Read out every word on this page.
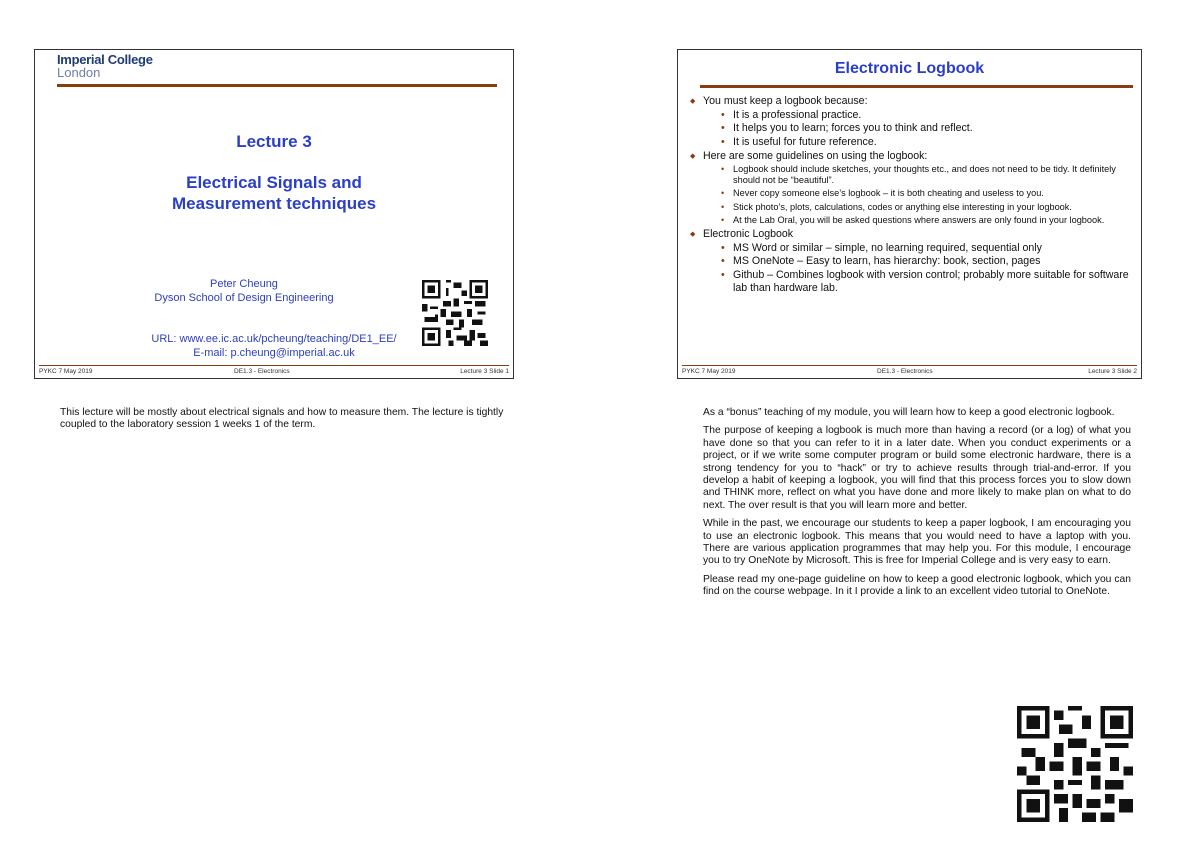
Imperial College
London
Lecture 3
Electrical Signals and
Measurement techniques
Peter Cheung
Dyson School of Design Engineering
URL: www.ee.ic.ac.uk/pcheung/teaching/DE1_EE/
E-mail: p.cheung@imperial.ac.uk
PYKC 7 May 2019	DE1.3 - Electronics	Lecture 3 Slide 1
Electronic Logbook
◆ You must keep a logbook because:
• It is a professional practice.
• It helps you to learn; forces you to think and reflect.
• It is useful for future reference.
◆ Here are some guidelines on using the logbook:
• Logbook should include sketches, your thoughts etc., and does not need to be tidy. It definitely should not be “beautiful”.
• Never copy someone else’s logbook – it is both cheating and useless to you.
• Stick photo’s, plots, calculations, codes or anything else interesting in your logbook.
• At the Lab Oral, you will be asked questions where answers are only found in your logbook.
◆ Electronic Logbook
• MS Word or similar – simple, no learning required, sequential only
• MS OneNote – Easy to learn, has hierarchy: book, section, pages
• Github – Combines logbook with version control; probably more suitable for software lab than hardware lab.
PYKC 7 May 2019	DE1.3 - Electronics	Lecture 3 Slide 2
This lecture will be mostly about electrical signals and how to measure them. The lecture is tightly coupled to the laboratory session 1 weeks 1 of the term.

As a “bonus” teaching of my module, you will learn how to keep a good electronic logbook.

The purpose of keeping a logbook is much more than having a record (or a log) of what you have done so that you can refer to it in a later date. When you conduct experiments or a project, or if we write some computer program or build some electronic hardware, there is a strong tendency for you to “hack” or try to achieve results through trial-and-error. If you develop a habit of keeping a logbook, you will find that this process forces you to slow down and THINK more, reflect on what you have done and more likely to make plan on what to do next. The over result is that you will learn more and better.

While in the past, we encourage our students to keep a paper logbook, I am encouraging you to use an electronic logbook. This means that you would need to have a laptop with you. There are various application programmes that may help you. For this module, I encourage you to try OneNote by Microsoft. This is free for Imperial College and is very easy to earn.

Please read my one-page guideline on how to keep a good electronic logbook, which you can find on the course webpage. In it I provide a link to an excellent video tutorial to OneNote.
